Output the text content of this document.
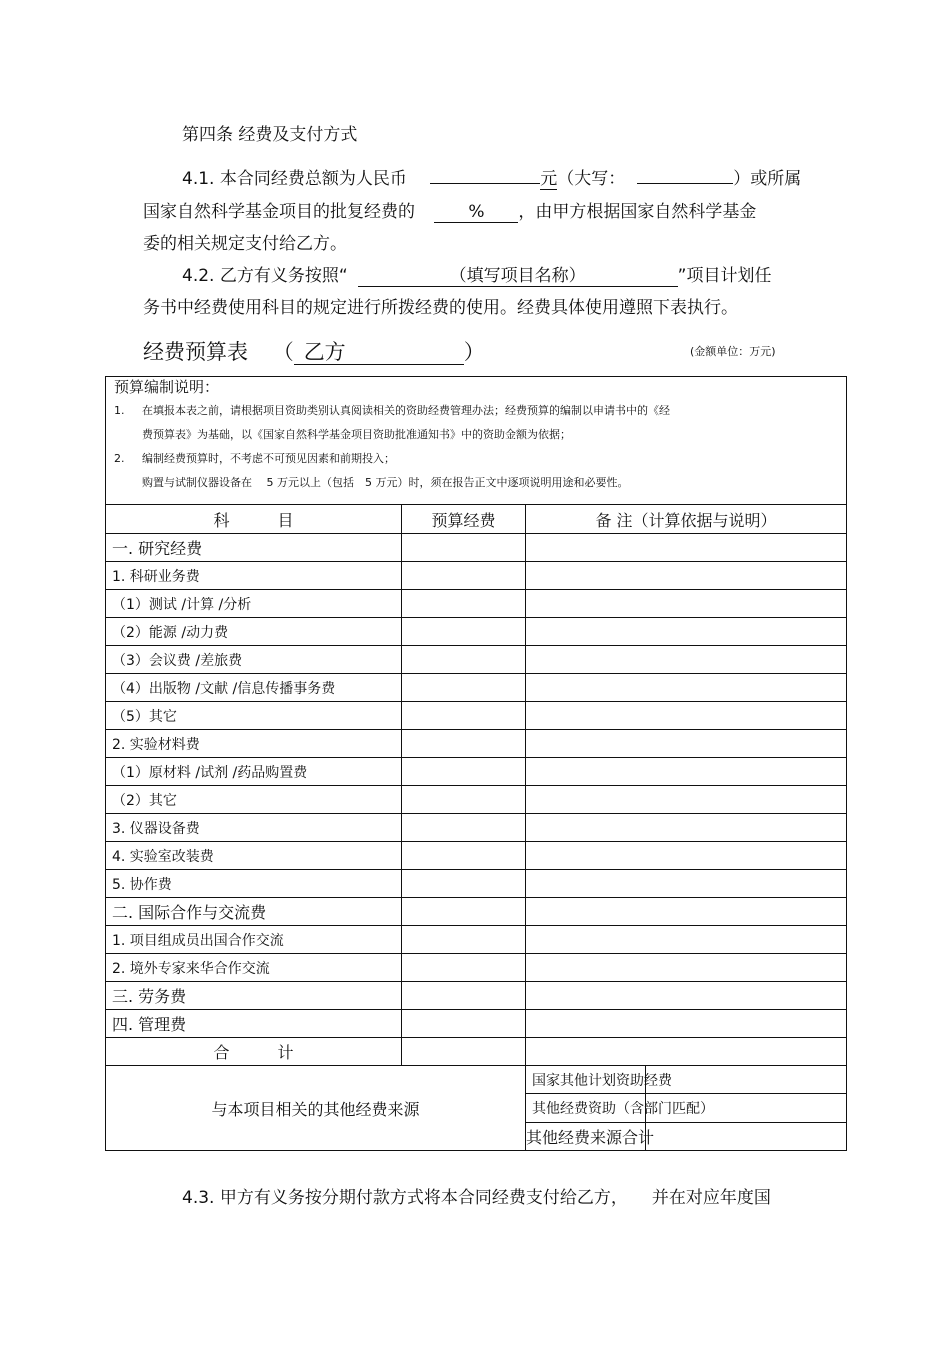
第四条 经费及支付方式
4.1. 本合同经费总额为人民币	元（大写：	）或所属
国家自然科学基金项目的批复经费的	% ，由甲方根据国家自然科学基金
委的相关规定支付给乙方。
4.2. 乙方有义务按照“	（填写项目名称）	”项目计划任
务书中经费使用科目的规定进行所拨经费的使用。经费具体使用遵照下表执行。
经费预算表 （ 乙方	）	(金额单位：万元)
预算编制说明：
1. 在填报本表之前，请根据项目资助类别认真阅读相关的资助经费管理办法；经费预算的编制以申请书中的《经
费预算表》为基础，以《国家自然科学基金项目资助批准通知书》中的资助金额为依据；
2. 编制经费预算时，不考虑不可预见因素和前期投入；
购置与试制仪器设备在　 5 万元以上（包括　5 万元）时，须在报告正文中逐项说明用途和必要性。			

科　　　目	预算经费	备 注（计算依据与说明）	
一. 研究经费			
1. 科研业务费			
（1）测试 /计算 /分析			
（2）能源 /动力费			
（3）会议费 /差旅费			
（4）出版物 /文献 /信息传播事务费			
（5）其它			
2. 实验材料费			
（1）原材料 /试剂 /药品购置费			
（2）其它			
3. 仪器设备费			
4. 实验室改装费			
5. 协作费			
二. 国际合作与交流费			
1. 项目组成员出国合作交流			
2. 境外专家来华合作交流			
三. 劳务费			
四. 管理费			
合　　　计			
与本项目相关的其他经费来源		国家其他计划资助经费	
		其他经费资助（含部门匹配）	
		其他经费来源合计	
4.3. 甲方有义务按分期付款方式将本合同经费支付给乙方， 并在对应年度国
